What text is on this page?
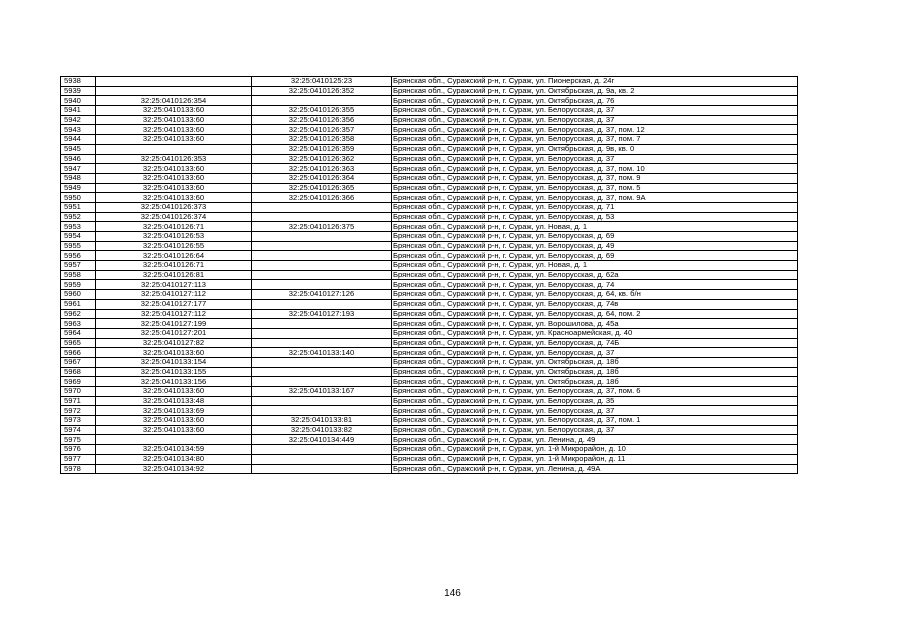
5938		32:25:0410125:23	Брянская обл., Суражский р-н, г. Сураж, ул. Пионерская, д. 24г
5939		32:25:0410126:352	Брянская обл., Суражский р-н, г. Сураж, ул. Октябрьская, д. 9а, кв. 2
5940	32:25:0410126:354		Брянская обл., Суражский р-н, г. Сураж, ул. Октябрьская, д. 76
5941	32:25:0410133:60	32:25:0410126:355	Брянская обл., Суражский р-н, г. Сураж, ул. Белорусская, д. 37
5942	32:25:0410133:60	32:25:0410126:356	Брянская обл., Суражский р-н, г. Сураж, ул. Белорусская, д. 37
5943	32:25:0410133:60	32:25:0410126:357	Брянская обл., Суражский р-н, г. Сураж, ул. Белорусская, д. 37, пом. 12
5944	32:25:0410133:60	32:25:0410126:358	Брянская обл., Суражский р-н, г. Сураж, ул. Белорусская, д. 37, пом. 7
5945		32:25:0410126:359	Брянская обл., Суражский р-н, г. Сураж, ул. Октябрьская, д. 9в, кв. 0
5946	32:25:0410126:353	32:25:0410126:362	Брянская обл., Суражский р-н, г. Сураж, ул. Белорусская, д. 37
5947	32:25:0410133:60	32:25:0410126:363	Брянская обл., Суражский р-н, г. Сураж, ул. Белорусская, д. 37, пом. 10
5948	32:25:0410133:60	32:25:0410126:364	Брянская обл., Суражский р-н, г. Сураж, ул. Белорусская, д. 37, пом. 9
5949	32:25:0410133:60	32:25:0410126:365	Брянская обл., Суражский р-н, г. Сураж, ул. Белорусская, д. 37, пом. 5
5950	32:25:0410133:60	32:25:0410126:366	Брянская обл., Суражский р-н, г. Сураж, ул. Белорусская, д. 37, пом. 9А
5951	32:25:0410126:373		Брянская обл., Суражский р-н, г. Сураж, ул. Белорусская, д. 71
5952	32:25:0410126:374		Брянская обл., Суражский р-н, г. Сураж, ул. Белорусская, д. 53
5953	32:25:0410126:71	32:25:0410126:375	Брянская обл., Суражский р-н, г. Сураж, ул. Новая, д. 1
5954	32:25:0410126:53		Брянская обл., Суражский р-н, г. Сураж, ул. Белорусская, д. 69
5955	32:25:0410126:55		Брянская обл., Суражский р-н, г. Сураж, ул. Белорусская, д. 49
5956	32:25:0410126:64		Брянская обл., Суражский р-н, г. Сураж, ул. Белорусская, д. 69
5957	32:25:0410126:71		Брянская обл., Суражский р-н, г. Сураж, ул. Новая, д. 1
5958	32:25:0410126:81		Брянская обл., Суражский р-н, г. Сураж, ул. Белорусская, д. 62а
5959	32:25:0410127:113		Брянская обл., Суражский р-н, г. Сураж, ул. Белорусская, д. 74
5960	32:25:0410127:112	32:25:0410127:126	Брянская обл., Суражский р-н, г. Сураж, ул. Белорусская, д. 64, кв. б/н
5961	32:25:0410127:177		Брянская обл., Суражский р-н, г. Сураж, ул. Белорусская, д. 74в
5962	32:25:0410127:112	32:25:0410127:193	Брянская обл., Суражский р-н, г. Сураж, ул. Белорусская, д. 64, пом. 2
5963	32:25:0410127:199		Брянская обл., Суражский р-н, г. Сураж, ул. Ворошилова, д. 45а
5964	32:25:0410127:201		Брянская обл., Суражский р-н, г. Сураж, ул. Красноармейская, д. 40
5965	32:25:0410127:82		Брянская обл., Суражский р-н, г. Сураж, ул. Белорусская, д. 74Б
5966	32:25:0410133:60	32:25:0410133:140	Брянская обл., Суражский р-н, г. Сураж, ул. Белорусская, д. 37
5967	32:25:0410133:154		Брянская обл., Суражский р-н, г. Сураж, ул. Октябрьская, д. 18б
5968	32:25:0410133:155		Брянская обл., Суражский р-н, г. Сураж, ул. Октябрьская, д. 18б
5969	32:25:0410133:156		Брянская обл., Суражский р-н, г. Сураж, ул. Октябрьская, д. 18б
5970	32:25:0410133:60	32:25:0410133:167	Брянская обл., Суражский р-н, г. Сураж, ул. Белорусская, д. 37, пом. 6
5971	32:25:0410133:48		Брянская обл., Суражский р-н, г. Сураж, ул. Белорусская, д. 35
5972	32:25:0410133:69		Брянская обл., Суражский р-н, г. Сураж, ул. Белорусская, д. 37
5973	32:25:0410133:60	32:25:0410133:81	Брянская обл., Суражский р-н, г. Сураж, ул. Белорусская, д. 37, пом. 1
5974	32:25:0410133:60	32:25:0410133:82	Брянская обл., Суражский р-н, г. Сураж, ул. Белорусская, д. 37
5975		32:25:0410134:449	Брянская обл., Суражский р-н, г. Сураж, ул. Ленина, д. 49
5976	32:25:0410134:59		Брянская обл., Суражский р-н, г. Сураж, ул. 1-й Микрорайон, д. 10
5977	32:25:0410134:80		Брянская обл., Суражский р-н, г. Сураж, ул. 1-й Микрорайон, д. 11
5978	32:25:0410134:92		Брянская обл., Суражский р-н, г. Сураж, ул. Ленина, д. 49А
146
